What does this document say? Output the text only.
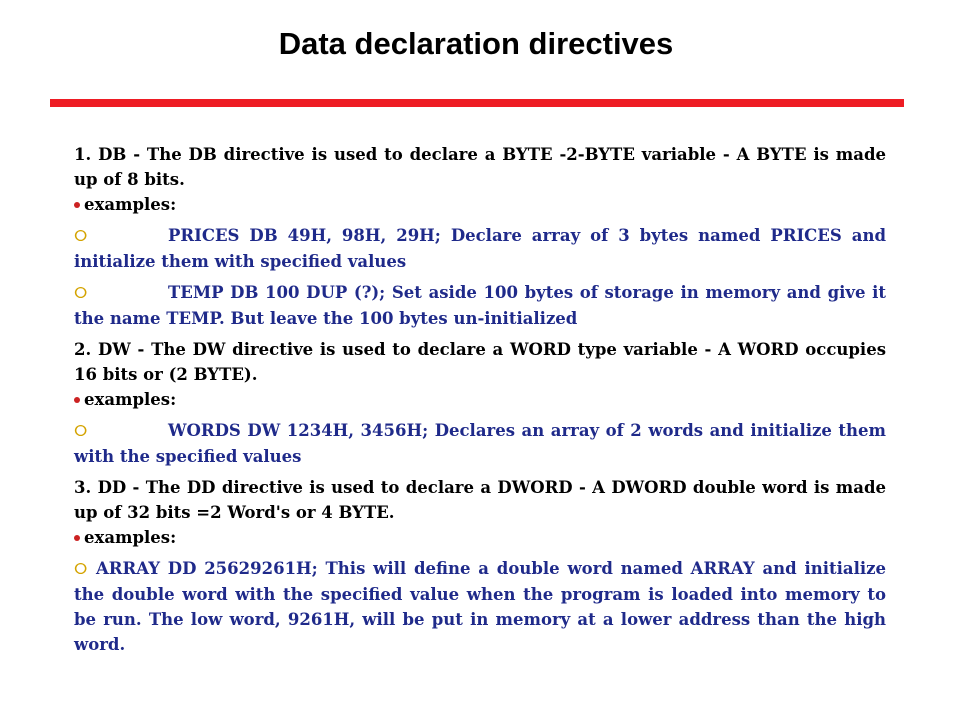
Data declaration directives

1. DB - The DB directive is used to declare a BYTE -2-BYTE variable - A BYTE is made up of 8 bits.

examples:

ⵔ	PRICES DB 49H, 98H, 29H; Declare array of 3 bytes named PRICES and initialize them with specified values

ⵔ	TEMP DB 100 DUP (?); Set aside 100 bytes of storage in memory and give it the name TEMP. But leave the 100 bytes un-initialized

2. DW - The DW directive is used to declare a WORD type variable - A WORD occupies 16 bits or (2 BYTE).

examples:

ⵔ	WORDS DW 1234H, 3456H; Declares an array of 2 words and initialize them with the specified values

3. DD - The DD directive is used to declare a DWORD - A DWORD double word is made up of 32 bits =2 Word's or 4 BYTE.

examples:

ⵔ ARRAY DD 25629261H; This will define a double word named ARRAY and initialize the double word with the specified value when the program is loaded into memory to be run. The low word, 9261H, will be put in memory at a lower address than the high word.
